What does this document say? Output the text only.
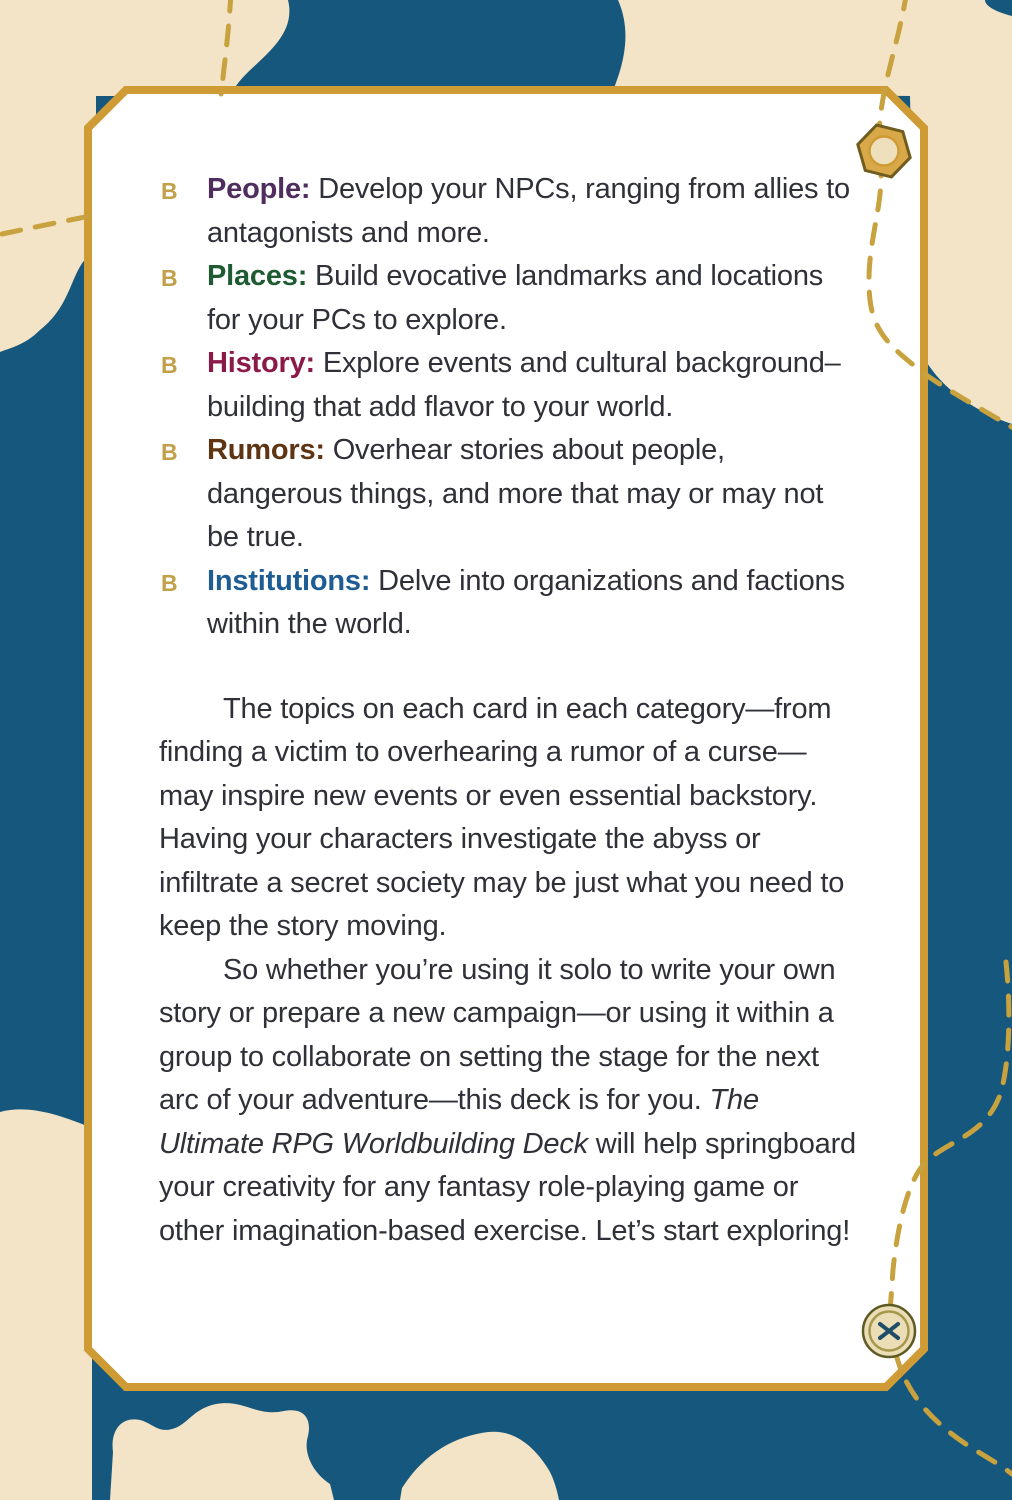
B People: Develop your NPCs, ranging from allies to antagonists and more.
B Places: Build evocative landmarks and locations for your PCs to explore.
B History: Explore events and cultural background–building that add flavor to your world.
B Rumors: Overhear stories about people, dangerous things, and more that may or may not be true.
B Institutions: Delve into organizations and factions within the world.

The topics on each card in each category—from finding a victim to overhearing a rumor of a curse—may inspire new events or even essential backstory. Having your characters investigate the abyss or infiltrate a secret society may be just what you need to keep the story moving.

So whether you’re using it solo to write your own story or prepare a new campaign—or using it within a group to collaborate on setting the stage for the next arc of your adventure—this deck is for you. The Ultimate RPG Worldbuilding Deck will help springboard your creativity for any fantasy role-playing game or other imagination-based exercise. Let’s start exploring!
